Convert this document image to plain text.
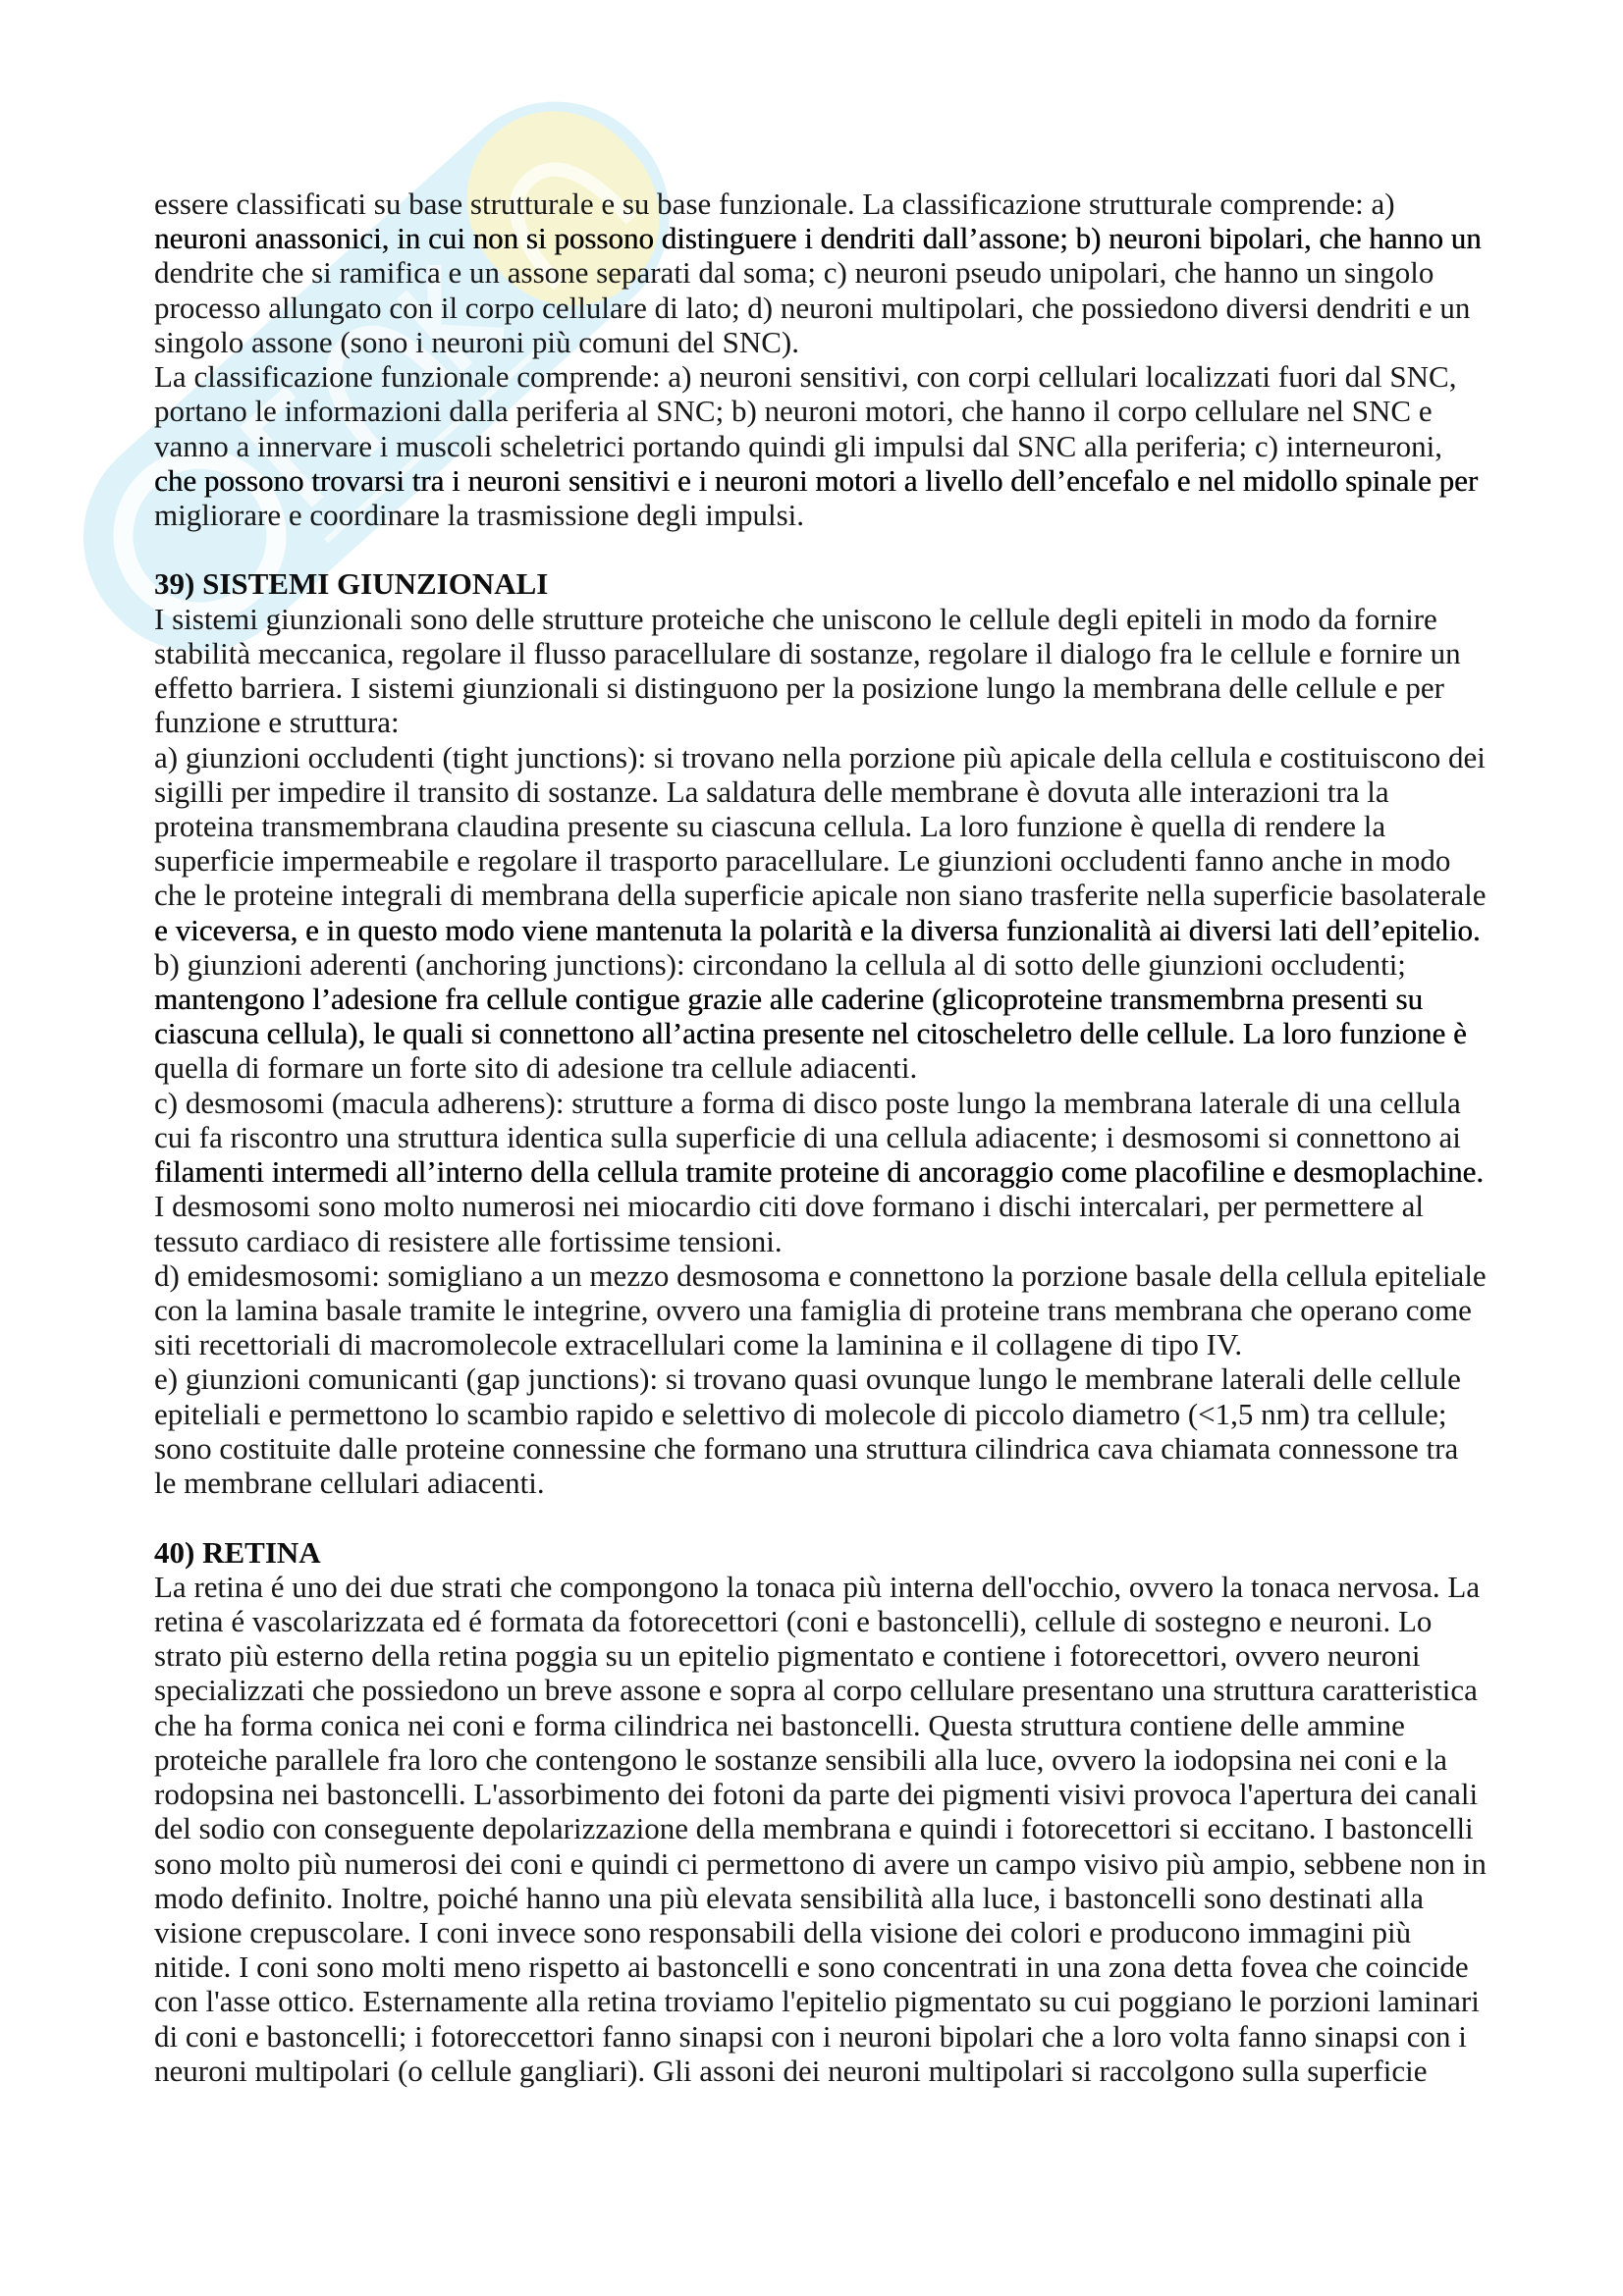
essere classificati su base strutturale e su base funzionale. La classificazione strutturale comprende: a)
neuroni anassonici, in cui non si possono distinguere i dendriti dall’assone; b) neuroni bipolari, che hanno un
dendrite che si ramifica e un assone separati dal soma; c) neuroni pseudo unipolari, che hanno un singolo
processo allungato con il corpo cellulare di lato; d) neuroni multipolari, che possiedono diversi dendriti e un
singolo assone (sono i neuroni più comuni del SNC).
La classificazione funzionale comprende: a) neuroni sensitivi, con corpi cellulari localizzati fuori dal SNC,
portano le informazioni dalla periferia al SNC; b) neuroni motori, che hanno il corpo cellulare nel SNC e
vanno a innervare i muscoli scheletrici portando quindi gli impulsi dal SNC alla periferia; c) interneuroni,
che possono trovarsi tra i neuroni sensitivi e i neuroni motori a livello dell’encefalo e nel midollo spinale per
migliorare e coordinare la trasmissione degli impulsi.
39) SISTEMI GIUNZIONALI
I sistemi giunzionali sono delle strutture proteiche che uniscono le cellule degli epiteli in modo da fornire
stabilità meccanica, regolare il flusso paracellulare di sostanze, regolare il dialogo fra le cellule e fornire un
effetto barriera. I sistemi giunzionali si distinguono per la posizione lungo la membrana delle cellule e per
funzione e struttura:
a) giunzioni occludenti (tight junctions): si trovano nella porzione più apicale della cellula e costituiscono dei
sigilli per impedire il transito di sostanze. La saldatura delle membrane è dovuta alle interazioni tra la
proteina transmembrana claudina presente su ciascuna cellula. La loro funzione è quella di rendere la
superficie impermeabile e regolare il trasporto paracellulare. Le giunzioni occludenti fanno anche in modo
che le proteine integrali di membrana della superficie apicale non siano trasferite nella superficie basolaterale
e viceversa, e in questo modo viene mantenuta la polarità e la diversa funzionalità ai diversi lati dell’epitelio.
b) giunzioni aderenti (anchoring junctions): circondano la cellula al di sotto delle giunzioni occludenti;
mantengono l’adesione fra cellule contigue grazie alle caderine (glicoproteine transmembrna presenti su
ciascuna cellula), le quali si connettono all’actina presente nel citoscheletro delle cellule. La loro funzione è
quella di formare un forte sito di adesione tra cellule adiacenti.
c) desmosomi (macula adherens): strutture a forma di disco poste lungo la membrana laterale di una cellula
cui fa riscontro una struttura identica sulla superficie di una cellula adiacente; i desmosomi si connettono ai
filamenti intermedi all’interno della cellula tramite proteine di ancoraggio come placofiline e desmoplachine.
I desmosomi sono molto numerosi nei miocardio citi dove formano i dischi intercalari, per permettere al
tessuto cardiaco di resistere alle fortissime tensioni.
d) emidesmosomi: somigliano a un mezzo desmosoma e connettono la porzione basale della cellula epiteliale
con la lamina basale tramite le integrine, ovvero una famiglia di proteine trans membrana che operano come
siti recettoriali di macromolecole extracellulari come la laminina e il collagene di tipo IV.
e) giunzioni comunicanti (gap junctions): si trovano quasi ovunque lungo le membrane laterali delle cellule
epiteliali e permettono lo scambio rapido e selettivo di molecole di piccolo diametro (<1,5 nm) tra cellule;
sono costituite dalle proteine connessine che formano una struttura cilindrica cava chiamata connessone tra
le membrane cellulari adiacenti.
40) RETINA
La retina é uno dei due strati che compongono la tonaca più interna dell'occhio, ovvero la tonaca nervosa. La
retina é vascolarizzata ed é formata da fotorecettori (coni e bastoncelli), cellule di sostegno e neuroni. Lo
strato più esterno della retina poggia su un epitelio pigmentato e contiene i fotorecettori, ovvero neuroni
specializzati che possiedono un breve assone e sopra al corpo cellulare presentano una struttura caratteristica
che ha forma conica nei coni e forma cilindrica nei bastoncelli. Questa struttura contiene delle ammine
proteiche parallele fra loro che contengono le sostanze sensibili alla luce, ovvero la iodopsina nei coni e la
rodopsina nei bastoncelli. L'assorbimento dei fotoni da parte dei pigmenti visivi provoca l'apertura dei canali
del sodio con conseguente depolarizzazione della membrana e quindi i fotorecettori si eccitano. I bastoncelli
sono molto più numerosi dei coni e quindi ci permettono di avere un campo visivo più ampio, sebbene non in
modo definito. Inoltre, poiché hanno una più elevata sensibilità alla luce, i bastoncelli sono destinati alla
visione crepuscolare. I coni invece sono responsabili della visione dei colori e producono immagini più
nitide. I coni sono molti meno rispetto ai bastoncelli e sono concentrati in una zona detta fovea che coincide
con l'asse ottico. Esternamente alla retina troviamo l'epitelio pigmentato su cui poggiano le porzioni laminari
di coni e bastoncelli; i fotoreccettori fanno sinapsi con i neuroni bipolari che a loro volta fanno sinapsi con i
neuroni multipolari (o cellule gangliari). Gli assoni dei neuroni multipolari si raccolgono sulla superficie
